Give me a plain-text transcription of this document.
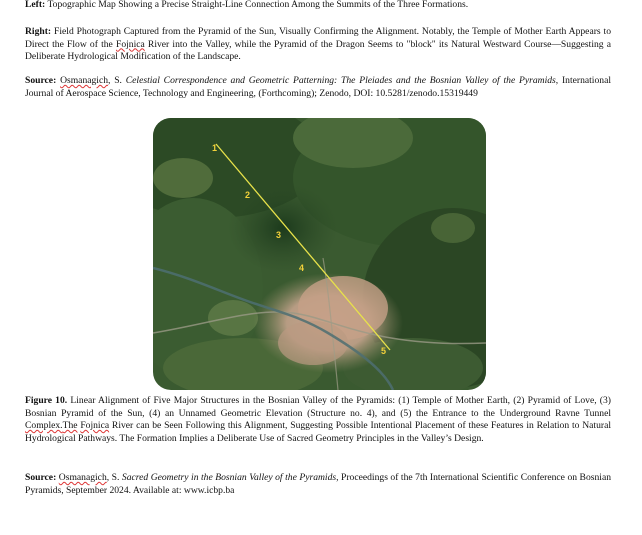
Left: Topographic Map Showing a Precise Straight-Line Connection Among the Summits of the Three Formations.

Right: Field Photograph Captured from the Pyramid of the Sun, Visually Confirming the Alignment. Notably, the Temple of Mother Earth Appears to Direct the Flow of the Fojnica River into the Valley, while the Pyramid of the Dragon Seems to "block" its Natural Westward Course—Suggesting a Deliberate Hydrological Modification of the Landscape.

Source: Osmanagich, S. Celestial Correspondence and Geometric Patterning: The Pleiades and the Bosnian Valley of the Pyramids, International Journal of Aerospace Science, Technology and Engineering, (Forthcoming); Zenodo, DOI: 10.5281/zenodo.15319449

1
2
3
4
5

Figure 10. Linear Alignment of Five Major Structures in the Bosnian Valley of the Pyramids: (1) Temple of Mother Earth, (2) Pyramid of Love, (3) Bosnian Pyramid of the Sun, (4) an Unnamed Geometric Elevation (Structure no. 4), and (5) the Entrance to the Underground Ravne Tunnel Complex.The Fojnica River can be Seen Following this Alignment, Suggesting Possible Intentional Placement of these Features in Relation to Natural Hydrological Pathways. The Formation Implies a Deliberate Use of Sacred Geometry Principles in the Valley’s Design.

Source: Osmanagich, S. Sacred Geometry in the Bosnian Valley of the Pyramids, Proceedings of the 7th International Scientific Conference on Bosnian Pyramids, September 2024. Available at: www.icbp.ba
